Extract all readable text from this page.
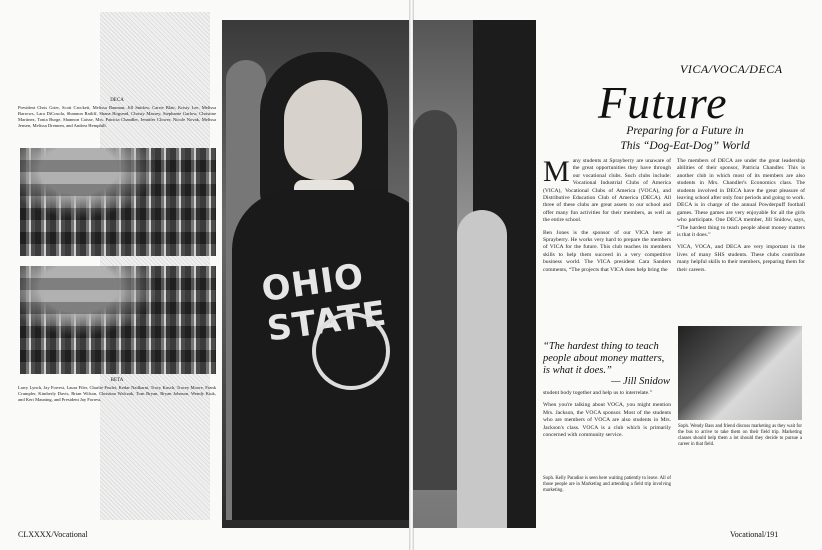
DECA
President Chris Grier, Scott Crockett, Melissa Bauman, Jill Snidow, Carrie Blair, Kristy Lee, Melissa Barrows, Lara DiCosola, Shannon Ratliff, Shana Hogsead, Christy Massey, Stephanie Garlow, Christine Martinez, Tonia Burge, Shannon Caisse, Mrs. Patricia Chandler, Jennifer Clower, Nicole Novak, Melissa Jensen, Melissa Drennen, and Andrea Hemphill.
BETA
Larry Lynch, Jay Forrest, Laura Filer, Charlie Poulet, Kedar Nadkarni, Tracy Kusch, Tracey Moore, Frank Crumpler, Kimberly Davis, Brian Wilson, Christina Walczak, Tom Bryan, Bryan Johnson, Wendy Kiuk, and Keri Mauning, and President Jay Forrest.
OHIO STATE
VICA/VOCA/DECA
Future
Preparing for a Future in
This “Dog-Eat-Dog” World

Many students at Sprayberry are unaware of the great opportunities they have through our vocational clubs. Such clubs include: Vocational Industrial Clubs of America (VICA), Vocational Clubs of America (VOCA), and Distributive Education Club of America (DECA). All three of these clubs are great assets to our school and offer many fun activities for their members, as well as the entire school.

Ben Jones is the sponsor of our VICA here at Sprayberry. He works very hard to prepare the members of VICA for the future. This club teaches its members skills to help them succeed in a very competitive business world. The VICA president Cara Sanders comments, “The projects that VICA does help bring the

“The hardest thing to teach people about money matters, is what it does.”
— Jill Snidow

student body together and help us to interrelate.”

When you're talking about VOCA, you might mention Mrs. Jackson, the VOCA sponsor. Most of the students who are members of VOCA are also students in Mrs. Jackson's class. VOCA is a club which is primarily concerned with community service.

Soph. Kelly Paradise is seen here waiting patiently to leave. All of those people are in Marketing and attending a field trip involving marketing.

The members of DECA are under the great leadership abilities of their sponsor, Patricia Chandler. This is another club in which most of its members are also students in Mrs. Chandler's Economics class. The students involved in DECA have the great pleasure of leaving school after only four periods and going to work. DECA is in charge of the annual Powderpuff football games. These games are very enjoyable for all the girls who participate. One DECA member, Jill Snidow, says, “The hardest thing to teach people about money matters is that it does.”

VICA, VOCA, and DECA are very important in the lives of many SHS students. These clubs contribute many helpful skills to their members, preparing them for their careers.

Soph. Wendy Bass and friend discuss marketing as they wait for the bus to arrive to take them on their field trip. Marketing classes should help them a lot should they decide to pursue a career in that field.
CLXXXX/Vocational	Vocational/191
